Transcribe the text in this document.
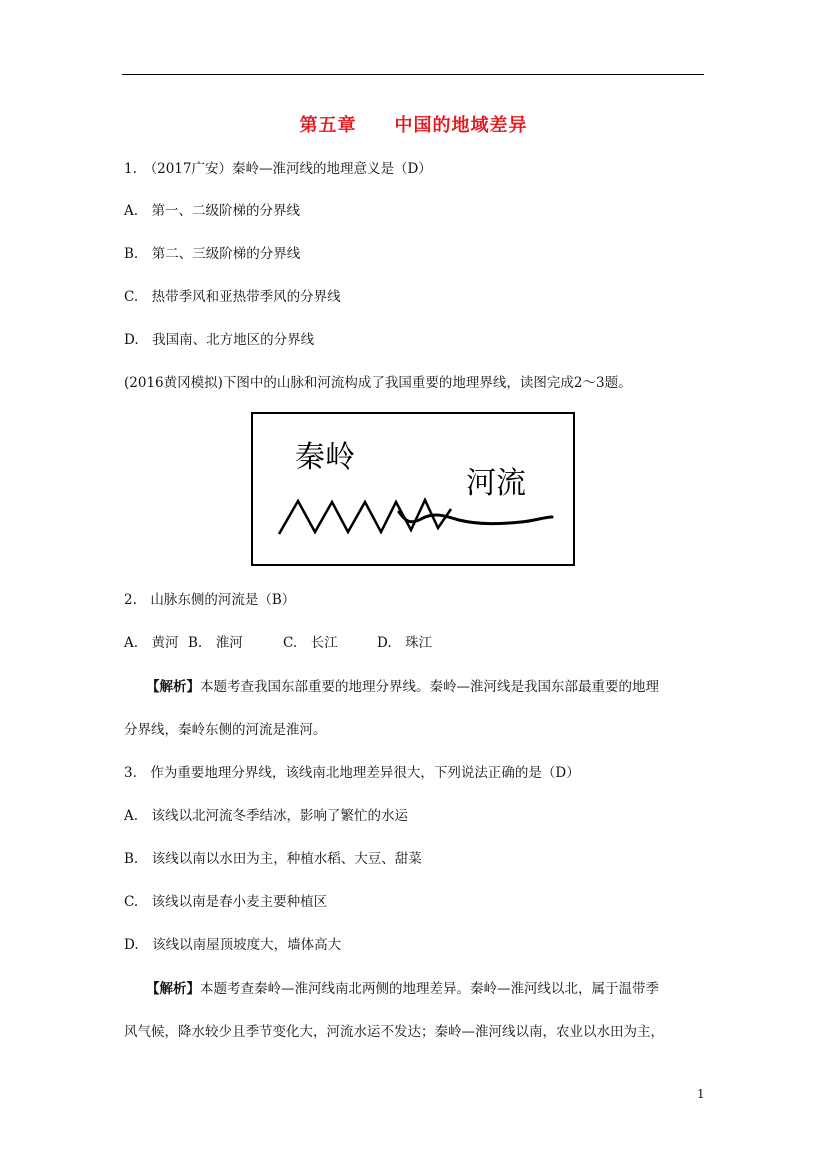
第五章　　中国的地域差异
1.　（2017广安）秦岭—淮河线的地理意义是（D）
A.　第一、二级阶梯的分界线
B.　第二、三级阶梯的分界线
C.　热带季风和亚热带季风的分界线
D.　我国南、北方地区的分界线
(2016黄冈模拟)下图中的山脉和河流构成了我国重要的地理界线，读图完成2～3题。
秦岭
河流
2.　山脉东侧的河流是（B）
A.　黄河 B.　淮河	C.　长江	D.　珠江
【解析】本题考查我国东部重要的地理分界线。秦岭—淮河线是我国东部最重要的地理
分界线，秦岭东侧的河流是淮河。
3.　作为重要地理分界线，该线南北地理差异很大，下列说法正确的是（D）
A.　该线以北河流冬季结冰，影响了繁忙的水运
B.　该线以南以水田为主，种植水稻、大豆、甜菜
C.　该线以南是春小麦主要种植区
D.　该线以南屋顶坡度大，墙体高大
【解析】本题考查秦岭—淮河线南北两侧的地理差异。秦岭—淮河线以北，属于温带季
风气候，降水较少且季节变化大，河流水运不发达；秦岭—淮河线以南，农业以水田为主，
1
